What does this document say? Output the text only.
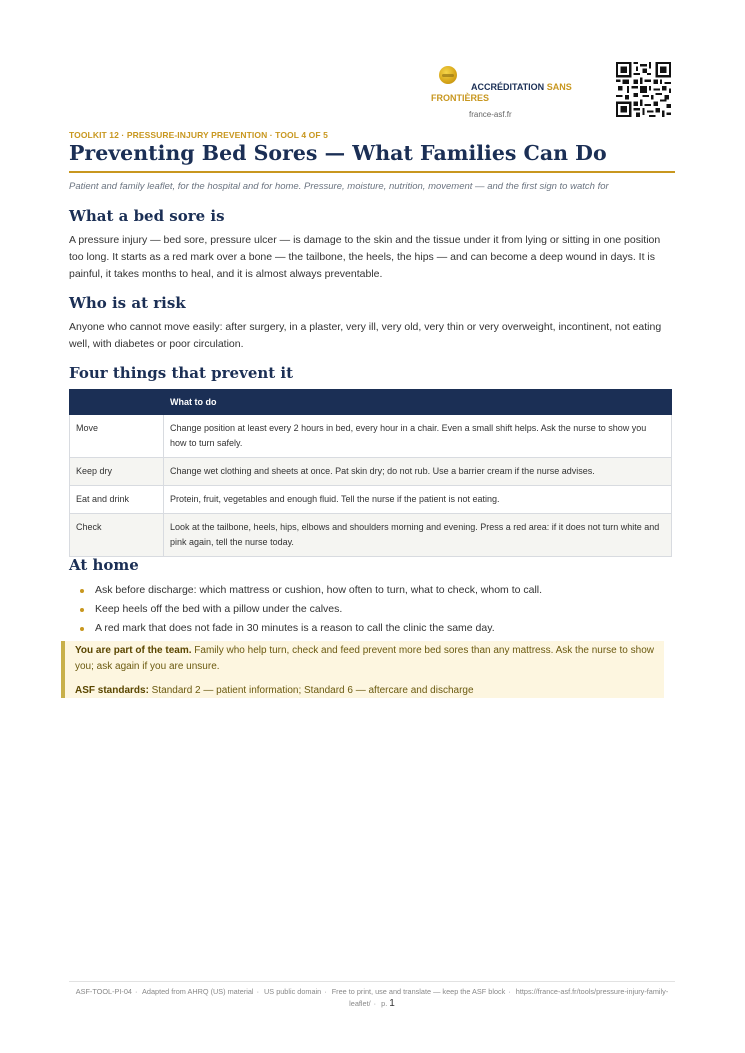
ACCRÉDITATION SANS
FRONTIÈRES
france-asf.fr
TOOLKIT 12 · PRESSURE-INJURY PREVENTION · TOOL 4 OF 5
Preventing Bed Sores — What Families Can Do
Patient and family leaflet, for the hospital and for home. Pressure, moisture, nutrition, movement — and the first sign to watch for
What a bed sore is

A pressure injury — bed sore, pressure ulcer — is damage to the skin and the tissue under it from lying or sitting in one position too long. It starts as a red mark over a bone — the tailbone, the heels, the hips — and can become a deep wound in days. It is painful, it takes months to heal, and it is almost always preventable.

Who is at risk

Anyone who cannot move easily: after surgery, in a plaster, very ill, very old, very thin or very overweight, incontinent, not eating well, with diabetes or poor circulation.

Four things that prevent it
	What to do
Move	Change position at least every 2 hours in bed, every hour in a chair. Even a small shift helps. Ask the nurse to show you how to turn safely.
Keep dry	Change wet clothing and sheets at once. Pat skin dry; do not rub. Use a barrier cream if the nurse advises.
Eat and drink	Protein, fruit, vegetables and enough fluid. Tell the nurse if the patient is not eating.
Check	Look at the tailbone, heels, hips, elbows and shoulders morning and evening. Press a red area: if it does not turn white and pink again, tell the nurse today.
At home
Ask before discharge: which mattress or cushion, how often to turn, what to check, whom to call.
Keep heels off the bed with a pillow under the calves.
A red mark that does not fade in 30 minutes is a reason to call the clinic the same day.

You are part of the team. Family who help turn, check and feed prevent more bed sores than any mattress. Ask the nurse to show you; ask again if you are unsure.

ASF standards: Standard 2 — patient information; Standard 6 — aftercare and discharge

ASF-TOOL-PI-04 · Adapted from AHRQ (US) material · US public domain · Free to print, use and translate — keep the ASF block · https://france-asf.fr/tools/pressure-injury-family-leaflet/ · p. 1
